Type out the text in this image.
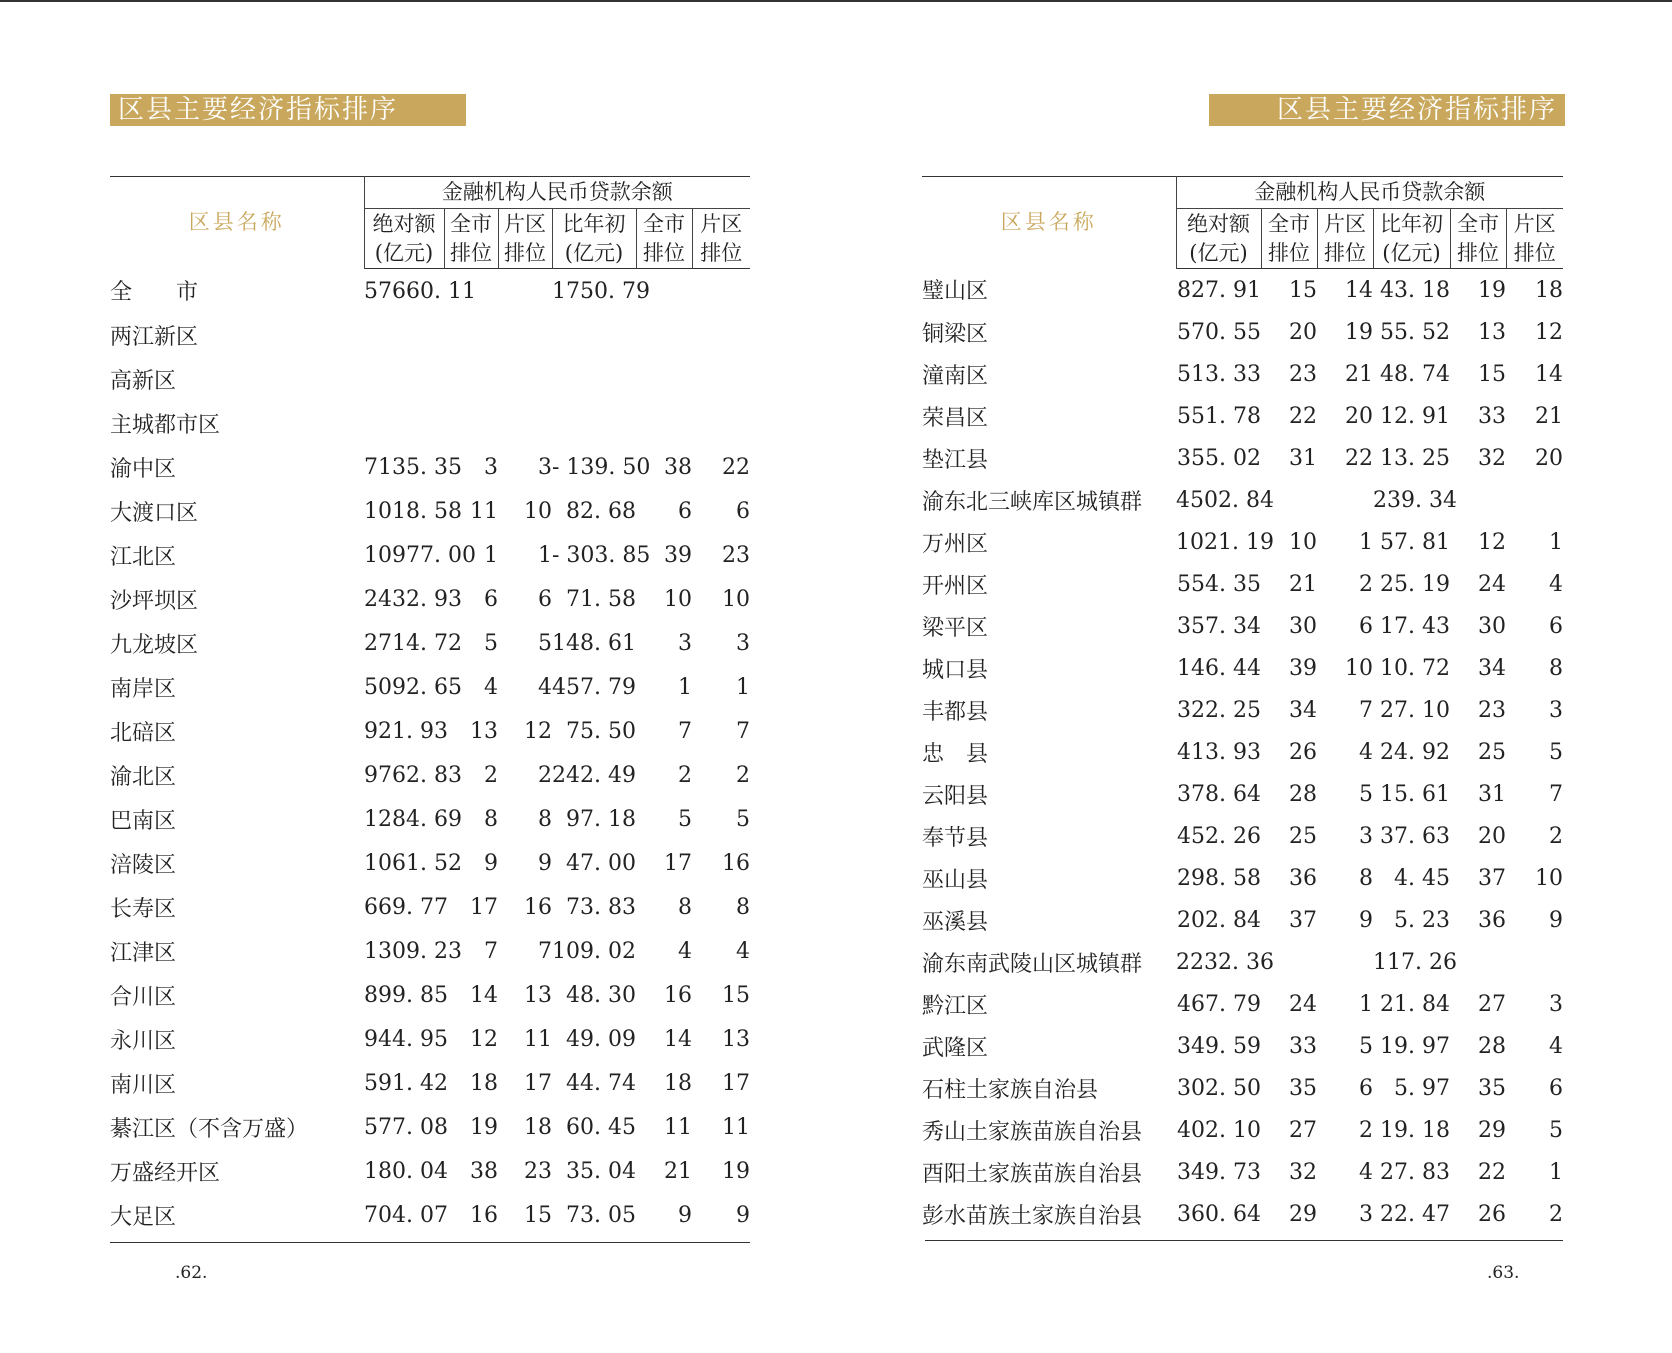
区县主要经济指标排序
区县名称	金融机构人民币贷款余额					
	绝对额	全市	片区	比年初	全市	片区
	(亿元)	排位	排位	(亿元)	排位	排位
全　　市	57660. 11			1750. 79		
两江新区						
高新区						
主城都市区						
渝中区	7135. 35	3	3	- 139. 50	38	22
大渡口区	1018. 58	11	10	82. 68	6	6
江北区	10977. 00	1	1	- 303. 85	39	23
沙坪坝区	2432. 93	6	6	71. 58	10	10
九龙坡区	2714. 72	5	5	148. 61	3	3
南岸区	5092. 65	4	4	457. 79	1	1
北碚区	921. 93	13	12	75. 50	7	7
渝北区	9762. 83	2	2	242. 49	2	2
巴南区	1284. 69	8	8	97. 18	5	5
涪陵区	1061. 52	9	9	47. 00	17	16
长寿区	669. 77	17	16	73. 83	8	8
江津区	1309. 23	7	7	109. 02	4	4
合川区	899. 85	14	13	48. 30	16	15
永川区	944. 95	12	11	49. 09	14	13
南川区	591. 42	18	17	44. 74	18	17
綦江区（不含万盛）	577. 08	19	18	60. 45	11	11
万盛经开区	180. 04	38	23	35. 04	21	19
大足区	704. 07	16	15	73. 05	9	9
.62.
区县主要经济指标排序
区县名称	金融机构人民币贷款余额					
	绝对额	全市	片区	比年初	全市	片区
	(亿元)	排位	排位	(亿元)	排位	排位
璧山区	827. 91	15	14	43. 18	19	18
铜梁区	570. 55	20	19	55. 52	13	12
潼南区	513. 33	23	21	48. 74	15	14
荣昌区	551. 78	22	20	12. 91	33	21
垫江县	355. 02	31	22	13. 25	32	20
渝东北三峡库区城镇群	4502. 84			239. 34		
万州区	1021. 19	10	1	57. 81	12	1
开州区	554. 35	21	2	25. 19	24	4
梁平区	357. 34	30	6	17. 43	30	6
城口县	146. 44	39	10	10. 72	34	8
丰都县	322. 25	34	7	27. 10	23	3
忠　县	413. 93	26	4	24. 92	25	5
云阳县	378. 64	28	5	15. 61	31	7
奉节县	452. 26	25	3	37. 63	20	2
巫山县	298. 58	36	8	4. 45	37	10
巫溪县	202. 84	37	9	5. 23	36	9
渝东南武陵山区城镇群	2232. 36			117. 26		
黔江区	467. 79	24	1	21. 84	27	3
武隆区	349. 59	33	5	19. 97	28	4
石柱土家族自治县	302. 50	35	6	5. 97	35	6
秀山土家族苗族自治县	402. 10	27	2	19. 18	29	5
酉阳土家族苗族自治县	349. 73	32	4	27. 83	22	1
彭水苗族土家族自治县	360. 64	29	3	22. 47	26	2
.63.
